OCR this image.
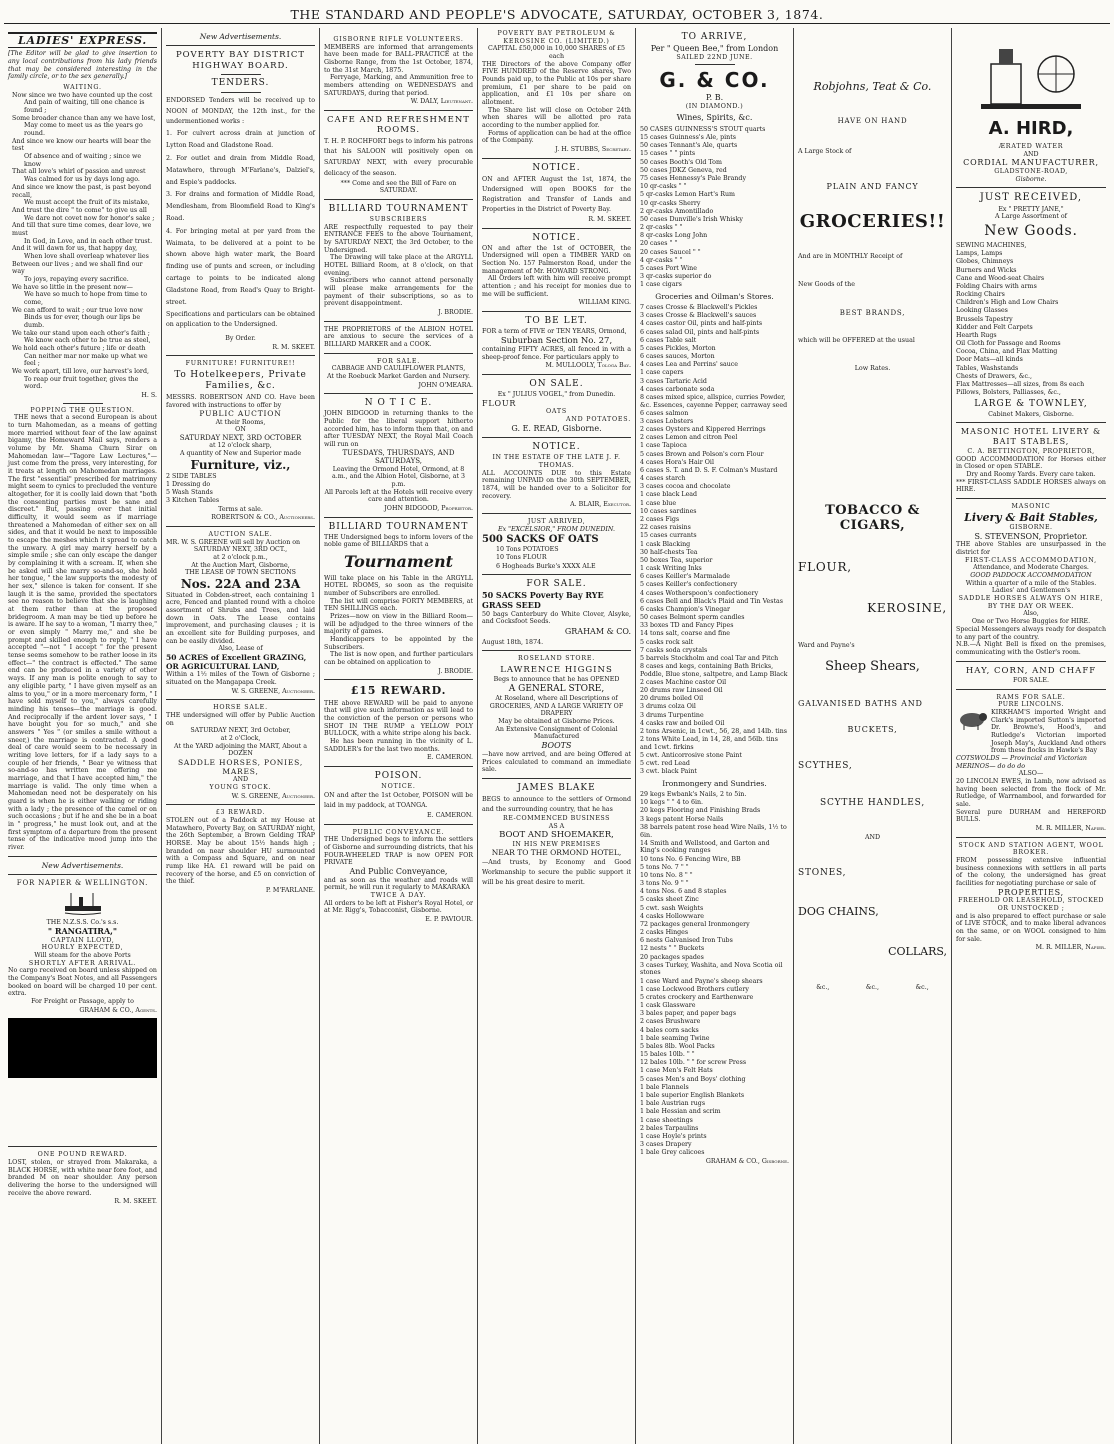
THE STANDARD AND PEOPLE'S ADVOCATE, SATURDAY, OCTOBER 3, 1874.
LADIES' EXPRESS.
[The Editor will be glad to give insertion to any local contributions from his lady friends that may be considered interesting in the family circle, or to the sex generally.]
WAITING.

Now since we two have counted up the cost

And pain of waiting, till one chance is found ;

Some broader chance than any we have lost,

May come to meet us as the years go round.

And since we know our hearts will bear the test

Of absence and of waiting ; since we know

That all love's whirl of passion and unrest

Was calmed for us by days long ago.

And since we know the past, is past beyond recall,

We must accept the fruit of its mistake,

And trust the dire " to come" to give us all

We dare not covet now for honor's sake ;

And till that sure time comes, dear love, we must

In God, in Love, and in each other trust.

And it will dawn for us, that happy day,

When love shall overleap whatever lies

Between our lives ; and we shall find our way

To joys, repaying every sacrifice.

We have so little in the present now—

We have so much to hope from time to come,

We can afford to wait ; our true love now

Binds us for ever, though our lips be dumb.

We take our stand upon each other's faith ;

We know each other to be true as steel,

We hold each other's future ; life or death

Can neither mar nor make up what we feel ;

We work apart, till love, our harvest's lord,

To reap our fruit together, gives the word.

H. S.
POPPING THE QUESTION.
THE news that a second European is about to turn Mahomedan, as a means of getting more married without fear of the law against bigamy, the Homeward Mail says, renders a volume by Mr. Shama Churn Sirar on Mahomedan law—"Tagore Law Lectures,"—just come from the press, very interesting, for it treats at length on Mahomedan marriages. The first "essential" prescribed for matrimony might seem to cynics to precluded the venture altogether, for it is coolly laid down that "both the consenting parties must be sane and discreet." But, passing over that initial difficulty, it would seem as if marriage threatened a Mahomedan of either sex on all sides, and that it would be next to impossible to escape the meshes which it spread to catch the unwary. A girl may marry herself by a simple smile ; she can only escape the danger by complaining it with a scream. If, when she be asked will she marry so-and-so, she hold her tongue, " the law supports the modesty of her sex," silence is taken for consent. If she laugh it is the same, provided the spectators see no reason to believe that she is laughing at them rather than at the proposed bridegroom. A man may be tied up before he is aware. If he say to a woman, "I marry thee," or even simply " Marry me," and she be prompt and skilled enough to reply, " I have accepted "—not " I accept " for the present tense seems somehow to be rather loose in its effect—" the contract is effected." The same end can be produced in a variety of other ways. If any man is polite enough to say to any eligible party, " I have given myself as an alms to you," or in a more mercenary form, " I have sold myself to you," always carefully minding his tenses—the marriage is good. And reciprocally if the ardent lover says, " I have bought you for so much," and she answers " Yes " (or smiles a smile without a sneer,) the marriage is contracted. A good deal of care would seem to be necessary in writing love letters, for if a lady says to a couple of her friends, " Bear ye witness that so-and-so has written me offering me marriage, and that I have accepted him," the marriage is valid. The only time when a Mahomedan need not be desperately on his guard is when he is either walking or riding with a lady ; the presence of the camel or on such occasions ; but if he and she be in a boat in " progress," he must look out, and at the first symptom of a departure from the present tense of the indicative mood jump into the river.
New Advertisements.
FOR NAPIER & WELLINGTON.
THE N.Z.S.S. Co.'s s.s.
" RANGATIRA,"
CAPTAIN LLOYD,
HOURLY EXPECTED,
Will steam for the above Ports
SHORTLY AFTER ARRIVAL.
No cargo received on board unless shipped on the Company's Boat Notes, and all Passengers booked on board will be charged 10 per cent. extra.
For Freight or Passage, apply to
GRAHAM & CO., Agents.
ONE POUND REWARD.
LOST, stolen, or strayed from Makaraka, a BLACK HORSE, with white near fore foot, and branded M on near shoulder. Any person delivering the horse to the undersigned will receive the above reward.
R. M. SKEET.
New Advertisements.
POVERTY BAY DISTRICT HIGHWAY BOARD.
TENDERS.
ENDORSED Tenders will be received up to NOON of MONDAY, the 12th inst., for the undermentioned works :
1. For culvert across drain at junction of Lytton Road and Gladstone Road.
2. For outlet and drain from Middle Road, Matawhero, through M'Farlane's, Dalziel's, and Espie's paddocks.
3. For drains and formation of Middle Road, Mendlesham, from Bloomfield Road to King's Road.
4. For bringing metal at per yard from the Waimata, to be delivered at a point to be shown above high water mark, the Board finding use of punts and screen, or including cartage to points to be indicated along Gladstone Road, from Read's Quay to Bright-street.
Specifications and particulars can be obtained on application to the Undersigned.
By Order.
R. M. SKEET.
FURNITURE! FURNITURE!!
To Hotelkeepers, Private Families, &c.
MESSRS. ROBERTSON AND CO. Have been favored with instructions to offer by
PUBLIC AUCTION
At their Rooms,
ON
SATURDAY NEXT, 3RD OCTOBER
at 12 o'clock sharp,
A quantity of New and Superior made
Furniture, viz.,
2 SIDE TABLES
1 Dressing do
5 Wash Stands
3 Kitchen Tables
Terms at sale.
ROBERTSON & CO., Auctioneers.
AUCTION SALE.
MR. W. S. GREENE will sell by Auction on
SATURDAY NEXT, 3RD OCT.,
at 2 o'clock p.m.,
At the Auction Mart, Gisborne,
THE LEASE OF TOWN SECTIONS
Nos. 22A and 23A
Situated in Cobden-street, each containing 1 acre, Fenced and planted round with a choice assortment of Shrubs and Trees, and laid down in Oats. The Lease contains improvement, and purchasing clauses ; it is an excellent site for Building purposes, and can be easily divided.
Also, Lease of
50 ACRES of Excellent GRAZING, OR AGRICULTURAL LAND,
Within a 1½ miles of the Town of Gisborne ; situated on the Mangapapa Creek.
W. S. GREENE, Auctioneer.
HORSE SALE.
THE undersigned will offer by Public Auction on
SATURDAY NEXT, 3rd October,
at 2 o'Clock,
At the YARD adjoining the MART, About a DOZEN
SADDLE HORSES, PONIES, MARES,
AND
YOUNG STOCK.
W. S. GREENE, Auctioneer.
£3 REWARD.
STOLEN out of a Paddock at my House at Matawhero, Poverty Bay, on SATURDAY night, the 26th September, a Brown Gelding TRAP HORSE. May be about 15½ hands high ; branded on near shoulder HU surmounted with a Compass and Square, and on near rump like HA. £1 reward will be paid on recovery of the horse, and £5 on conviction of the thief.
P. M'FARLANE.
GISBORNE RIFLE VOLUNTEERS.
MEMBERS are informed that arrangements have been made for BALL-PRACTICE at the Gisborne Range, from the 1st October, 1874, to the 31st March, 1875.
Ferryage, Marking, and Ammunition free to members attending on WEDNESDAYS and SATURDAYS, during that period.
W. DALY, Lieutenant.
CAFE AND REFRESHMENT ROOMS.
T. H. P. ROCHFORT begs to inform his patrons that his SALOON will positively open on SATURDAY NEXT, with every procurable delicacy of the season.
*** Come and see the Bill of Fare on SATURDAY.
BILLIARD TOURNAMENT
SUBSCRIBERS
ARE respectfully requested to pay their ENTRANCE FEES to the above Tournament, by SATURDAY NEXT, the 3rd October, to the Undersigned.
The Drawing will take place at the ARGYLL HOTEL Billiard Room, at 8 o'clock, on that evening.
Subscribers who cannot attend personally will please make arrangements for the payment of their subscriptions, so as to prevent disappointment.
J. BRODIE.
THE PROPRIETORS of the ALBION HOTEL are anxious to secure the services of a BILLIARD MARKER and a COOK.
FOR SALE.
CABBAGE AND CAULIFLOWER PLANTS,
At the Roebuck Market Garden and Nursery.
JOHN O'MEARA.
N O T I C E.
JOHN BIDGOOD in returning thanks to the Public for the liberal support hitherto accorded him, has to inform them that, on and after TUESDAY NEXT, the Royal Mail Coach will run on
TUESDAYS, THURSDAYS, AND SATURDAYS,
Leaving the Ormond Hotel, Ormond, at 8 a.m., and the Albion Hotel, Gisborne, at 3 p.m.
All Parcels left at the Hotels will receive every care and attention.
JOHN BIDGOOD, Proprietor.
BILLIARD TOURNAMENT
THE Undersigned begs to inform lovers of the noble game of BILLIARDS that a
Tournament
Will take place on his Table in the ARGYLL HOTEL ROOMS, so soon as the requisite number of Subscribers are enrolled.
The list will comprise FORTY MEMBERS, at TEN SHILLINGS each.
Prizes—now on view in the Billiard Room—will be adjudged to the three winners of the majority of games.
Handicappers to be appointed by the Subscribers.
The list is now open, and further particulars can be obtained on application to
J. BRODIE.
£15 REWARD.
THE above REWARD will be paid to anyone that will give such information as will lead to the conviction of the person or persons who SHOT IN THE RUMP a YELLOW POLY BULLOCK, with a white stripe along his back.
He has been running in the vicinity of L. SADDLER's for the last two months.
E. CAMERON.
POISON.
NOTICE.
ON and after the 1st October, POISON will be laid in my paddock, at TOANGA.
E. CAMERON.
PUBLIC CONVEYANCE.
THE Undersigned begs to inform the settlers of Gisborne and surrounding districts, that his FOUR-WHEELED TRAP is now OPEN FOR PRIVATE
And Public Conveyance,
and as soon as the weather and roads will permit, he will run it regularly to MAKARAKA
TWICE A DAY.
All orders to be left at Fisher's Royal Hotel, or at Mr. Rigg's, Tobacconist, Gisborne.
E. P. PAVIOUR.
POVERTY BAY PETROLEUM & KEROSINE CO. (LIMITED.)
CAPITAL £50,000 in 10,000 SHARES of £5 each
THE Directors of the above Company offer FIVE HUNDRED of the Reserve shares, Two Pounds paid up, to the Public at 10s per share premium, £1 per share to be paid on application, and £1 10s per share on allotment.
The Share list will close on October 24th when shares will be allotted pro rata according to the number applied for.
Forms of application can be had at the office of the Company.
J. H. STUBBS, Secretary.
NOTICE.
ON and AFTER August the 1st, 1874, the Undersigned will open BOOKS for the Registration and Transfer of Lands and Properties in the District of Poverty Bay.
R. M. SKEET.
NOTICE.
ON and after the 1st of OCTOBER, the Undersigned will open a TIMBER YARD on Section No. 157 Palmerston Road, under the management of Mr. HOWARD STRONG.
All Orders left with him will receive prompt attention ; and his receipt for monies due to me will be sufficient.
WILLIAM KING.
TO BE LET.
FOR a term of FIVE or TEN YEARS, Ormond,
Suburban Section No. 27,
containing FIFTY ACRES, all fenced in with a sheep-proof fence. For particulars apply to
M. MULLOOLY, Tologa Bay.
ON SALE.
Ex " JULIUS VOGEL," from Dunedin.
FLOUR
OATS
AND POTATOES.
G. E. READ, Gisborne.
NOTICE.
IN THE ESTATE OF THE LATE J. F. THOMAS.
ALL ACCOUNTS DUE to this Estate remaining UNPAID on the 30th SEPTEMBER, 1874, will be handed over to a Solicitor for recovery.
A. BLAIR, Executor.
JUST ARRIVED,
Ex "EXCELSIOR," FROM DUNEDIN.
500 SACKS OF OATS
10 Tons POTATOES
10 Tons FLOUR
6 Hogheads Burke's XXXX ALE
FOR SALE.
50 SACKS Poverty Bay RYE GRASS SEED
50 bags Canterbury do White Clover, Alsyke, and Cocksfoot Seeds.
GRAHAM & CO.
August 18th, 1874.
ROSELAND STORE.
LAWRENCE HIGGINS
Begs to announce that he has OPENED
A GENERAL STORE,
At Roseland, where all Descriptions of GROCERIES, AND A LARGE VARIETY OF DRAPERY
May be obtained at Gisborne Prices.
An Extensive Consignment of Colonial Manufactured
BOOTS
—have now arrived, and are being Offered at Prices calculated to command an immediate sale.
JAMES BLAKE
BEGS to announce to the settlers of Ormond and the surrounding country, that he has
RE-COMMENCED BUSINESS
AS A
BOOT AND SHOEMAKER,
IN HIS NEW PREMISES
NEAR TO THE ORMOND HOTEL,
—And trusts, by Economy and Good Workmanship to secure the public support it will be his great desire to merit.
TO ARRIVE,
Per " Queen Bee," from London
SAILED 22ND JUNE.
G. & CO.
P. B.
(IN DIAMOND.)
Wines, Spirits, &c.
50 CASES GUINNESS'S STOUT quarts
15 cases Guinness's Ale, pints
50 cases Tennant's Ale, quarts
15 cases " " pints
50 cases Booth's Old Tom
50 cases JDKZ Geneva, red
75 cases Hennessy's Pale Brandy
10 qr-casks " "
5 qr-casks Lemon Hart's Rum
10 qr-casks Sherry
2 qr-casks Amontillado
50 cases Dunville's Irish Whisky
2 qr-casks " "
8 qr-casks Long John
20 cases " "
20 cases Saucel " "
4 qr-casks " "
5 cases Port Wine
3 qr-casks superior do
1 case cigars
Groceries and Oilman's Stores.
7 cases Crosse & Blackwell's Pickles
3 cases Crosse & Blackwell's sauces
4 cases castor Oil, pints and half-pints
6 cases salad Oil, pints and half-pints
6 cases Table salt
5 cases Pickles, Morton
6 cases sauces, Morton
4 cases Lea and Perrins' sauce
1 case capers
3 cases Tartaric Acid
4 cases carbonate soda
8 cases mixed spice, allspice, curries Powder, &c. Essences, cayenne Pepper, carraway seed
6 cases salmon
3 cases Lobsters
2 cases Oysters and Kippered Herrings
2 cases Lemon and citron Peel
1 case Tapioca
5 cases Brown and Polson's corn Flour
4 cases Hora's Hair Oil
6 cases S. T. and D. S. F. Colman's Mustard
4 cases starch
3 cases cocoa and chocolate
1 case black Lead
1 case blue
10 cases sardines
2 cases Figs
22 cases raisins
15 cases currants
1 cask Blacking
30 half-chests Tea
50 boxes Tea, superior
1 cask Writing Inks
6 cases Keiller's Marmalade
5 cases Keiller's confectionery
4 cases Wotherspoon's confectionery
6 cases Bell and Black's Plaid and Tin Vestas
6 casks Champion's Vinegar
50 cases Belmont sperm candles
33 boxes TD and Fancy Pipes
14 tons salt, coarse and fine
5 casks rock salt
7 casks soda crystals
5 barrels Stockholm and coal Tar and Pitch
8 cases and kegs, containing Bath Bricks, Poddle, Blue stone, saltpetre, and Lamp Black
2 cases Machine castor Oil
20 drums raw Linseed Oil
20 drums boiled Oil
3 drums colza Oil
3 drums Turpentine
4 casks raw and boiled Oil
2 tons Arsenic, in 1cwt., 56, 28, and 14lb. tins
2 tons White Lead, in 14, 28, and 56lb. tins and 1cwt. firkins
5 cwt. Anticorrosive stone Paint
5 cwt. red Lead
3 cwt. black Paint
Ironmongery and Sundries.
29 kegs Ewbank's Nails, 2 to 5in.
10 kegs " " 4 to 6in.
20 kegs Flooring and Finishing Brads
3 kegs patent Horse Nails
38 barrels patent rose head Wire Nails, 1½ to 6in.
14 Smith and Wellstood, and Garton and King's cooking ranges
10 tons No. 6 Fencing Wire, BB
5 tons No. 7 " "
10 tons No. 8 " "
3 tons No. 9 " "
4 tons Nos. 6 and 8 staples
5 casks sheet Zinc
5 cwt. sash Weights
4 casks Hollowware
72 packages general Ironmongery
2 casks Hinges
6 nests Galvanised Iron Tubs
12 nests " " Buckets
20 packages spades
3 cases Turkey, Washita, and Nova Scotia oil stones
1 case Ward and Payne's sheep shears
1 case Lockwood Brothers cutlery
5 crates crockery and Earthenware
1 cask Glassware
3 bales paper, and paper bags
2 cases Brushware
4 bales corn sacks
1 bale seaming Twine
5 bales 8lb. Wool Packs
15 bales 10lb. " "
12 bales 10lb. " " for screw Press
1 case Men's Felt Hats
5 cases Men's and Boys' clothing
1 bale Flannels
1 bale superior English Blankets
1 bale Austrian rugs
1 bale Hessian and scrim
1 case sheetings
2 bales Tarpaulins
1 case Hoyle's prints
3 cases Drapery
1 bale Grey calicoes
GRAHAM & CO., Gisborne.
Robjohns, Teat & Co.
HAVE ON HAND
A Large Stock of
PLAIN AND FANCY
GROCERIES!!
And are in MONTHLY Receipt of
New Goods of the
BEST BRANDS,
which will be OFFERED at the usual
Low Rates.
TOBACCO & CIGARS,
FLOUR,
KEROSINE,
Ward and Payne's
Sheep Shears,
GALVANISED BATHS AND
BUCKETS,
SCYTHES,
SCYTHE HANDLES,
AND
STONES,
DOG CHAINS,
COLLARS,
&c.,	&c.,	&c.,
A. HIRD,
ÆRATED WATER
AND
CORDIAL MANUFACTURER,
GLADSTONE-ROAD,
Gisborne.
JUST RECEIVED,
Ex " PRETTY JANE,"
A Large Assortment of
New Goods.
SEWING MACHINES,
Lamps, Lamps
Globes, Chimneys
Burners and Wicks
Cane and Wood-seat Chairs
Folding Chairs with arms
Rocking Chairs
Children's High and Low Chairs
Looking Glasses
Brussels Tapestry
Kidder and Felt Carpets
Hearth Rugs
Oil Cloth for Passage and Rooms
Cocoa, China, and Flax Matting
Door Mats—all kinds
Tables, Washstands
Chests of Drawers, &c.,
Flax Mattresses—all sizes, from 8s each
Pillows, Bolsters, Palliasses, &c.,
LARGE & TOWNLEY,
Cabinet Makers, Gisborne.
MASONIC HOTEL LIVERY & BAIT STABLES,
C. A. BETTINGTON, PROPRIETOR,
GOOD ACCOMMODATION for Horses either in Closed or open STABLE.
Dry and Roomy Yards. Every care taken.
*** FIRST-CLASS SADDLE HORSES always on HIRE.
MASONIC
Livery & Bait Stables,
GISBORNE.
S. STEVENSON, Proprietor.
THE above Stables are unsurpassed in the district for
FIRST-CLASS ACCOMMODATION,
Attendance, and Moderate Charges.
GOOD PADDOCK ACCOMMODATION
Within a quarter of a mile of the Stables.
Ladies' and Gentlemen's
SADDLE HORSES ALWAYS ON HIRE,
BY THE DAY OR WEEK.
Also,
One or Two Horse Buggies for HIRE.
Special Messengers always ready for despatch to any part of the country.
N.B.—A Night Bell is fixed on the premises, communicating with the Ostler's room.
HAY, CORN, AND CHAFF
FOR SALE.
RAMS FOR SALE.
PURE LINCOLNS.
KIRKHAM'S imported Wright and Clark's imported Sutton's imported Dr. Browne's, Hood's, and Rutledge's Victorian imported Joseph May's, Auckland And others from these flocks in Hawke's Bay
COTSWOLDS — Provincial and Victorian
MERINOS— do do do
ALSO—
20 LINCOLN EWES, in Lamb, now advised as having been selected from the flock of Mr. Rutledge, of Warrnambool, and forwarded for sale.
Several pure DURHAM and HEREFORD BULLS.
M. R. MILLER, Napier.
STOCK AND STATION AGENT, WOOL BROKER.
FROM possessing extensive influential business connexions with settlers in all parts of the colony, the undersigned has great facilities for negotiating purchase or sale of
PROPERTIES,
FREEHOLD OR LEASEHOLD, STOCKED OR UNSTOCKED ;
and is also prepared to effect purchase or sale of LIVE STOCK, and to make liberal advances on the same, or on WOOL consigned to him for sale.
M. R. MILLER, Napier.
